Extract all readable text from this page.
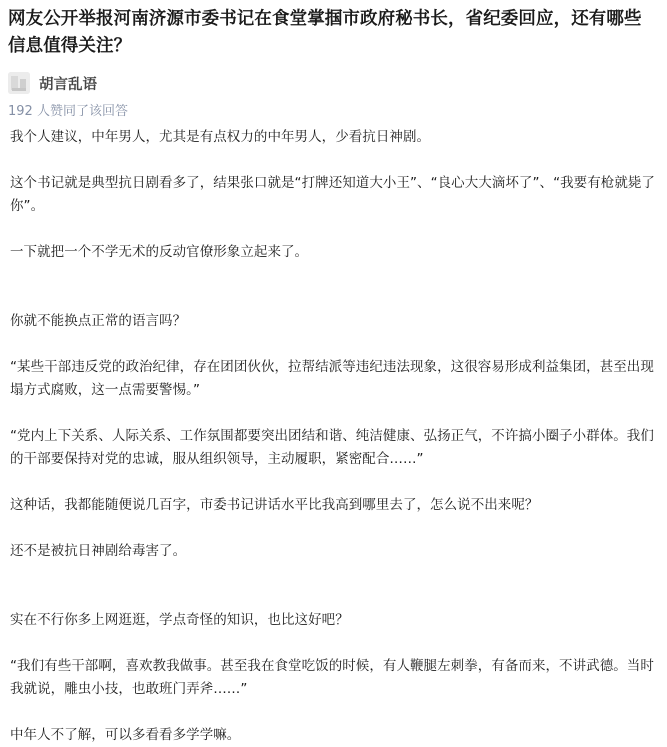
网友公开举报河南济源市委书记在食堂掌掴市政府秘书长，省纪委回应，还有哪些信息值得关注？
胡言乱语
192 人赞同了该回答

我个人建议，中年男人，尤其是有点权力的中年男人，少看抗日神剧。

这个书记就是典型抗日剧看多了，结果张口就是“打牌还知道大小王”、“良心大大滴坏了”、“我要有枪就毙了你”。

一下就把一个不学无术的反动官僚形象立起来了。

你就不能换点正常的语言吗？

“某些干部违反党的政治纪律，存在团团伙伙，拉帮结派等违纪违法现象，这很容易形成利益集团，甚至出现塌方式腐败，这一点需要警惕。”

“党内上下关系、人际关系、工作氛围都要突出团结和谐、纯洁健康、弘扬正气，不许搞小圈子小群体。我们的干部要保持对党的忠诚，服从组织领导，主动履职，紧密配合……”

这种话，我都能随便说几百字，市委书记讲话水平比我高到哪里去了，怎么说不出来呢？

还不是被抗日神剧给毒害了。

实在不行你多上网逛逛，学点奇怪的知识，也比这好吧？

“我们有些干部啊，喜欢教我做事。甚至我在食堂吃饭的时候，有人鞭腿左刺拳，有备而来，不讲武德。当时我就说，雕虫小技，也敢班门弄斧……”

中年人不了解，可以多看看多学学嘛。
